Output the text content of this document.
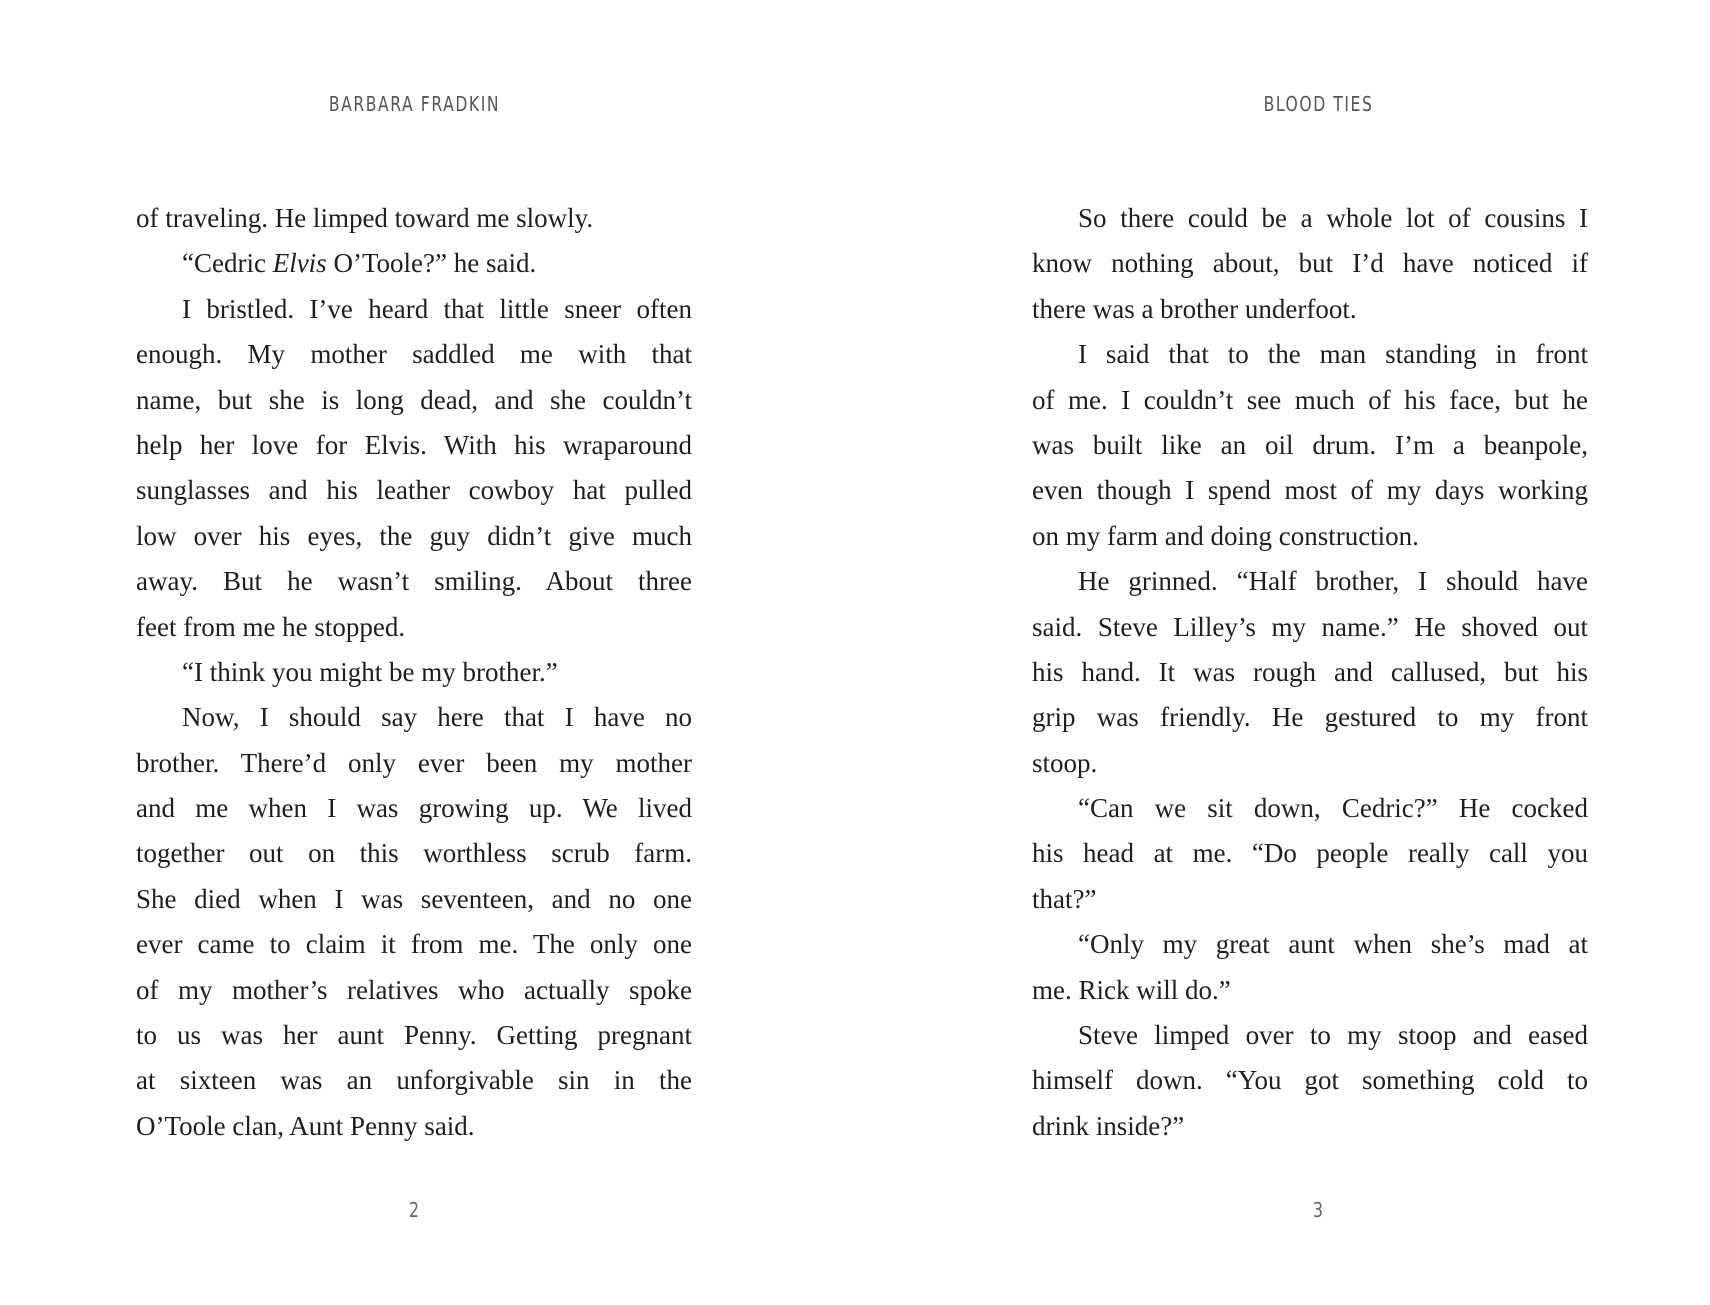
BARBARA FRADKIN
of traveling. He limped toward me slowly.
“Cedric Elvis O’Toole?” he said.
I bristled. I’ve heard that little sneer often
enough. My mother saddled me with that
name, but she is long dead, and she couldn’t
help her love for Elvis. With his wraparound
sunglasses and his leather cowboy hat pulled
low over his eyes, the guy didn’t give much
away. But he wasn’t smiling. About three
feet from me he stopped.
“I think you might be my brother.”
Now, I should say here that I have no
brother. There’d only ever been my mother
and me when I was growing up. We lived
together out on this worthless scrub farm.
She died when I was seventeen, and no one
ever came to claim it from me. The only one
of my mother’s relatives who actually spoke
to us was her aunt Penny. Getting pregnant
at sixteen was an unforgivable sin in the
O’Toole clan, Aunt Penny said.
2
BLOOD TIES
So there could be a whole lot of cousins I
know nothing about, but I’d have noticed if
there was a brother underfoot.
I said that to the man standing in front
of me. I couldn’t see much of his face, but he
was built like an oil drum. I’m a beanpole,
even though I spend most of my days working
on my farm and doing construction.
He grinned. “Half brother, I should have
said. Steve Lilley’s my name.” He shoved out
his hand. It was rough and callused, but his
grip was friendly. He gestured to my front
stoop.
“Can we sit down, Cedric?” He cocked
his head at me. “Do people really call you
that?”
“Only my great aunt when she’s mad at
me. Rick will do.”
Steve limped over to my stoop and eased
himself down. “You got something cold to
drink inside?”
3
